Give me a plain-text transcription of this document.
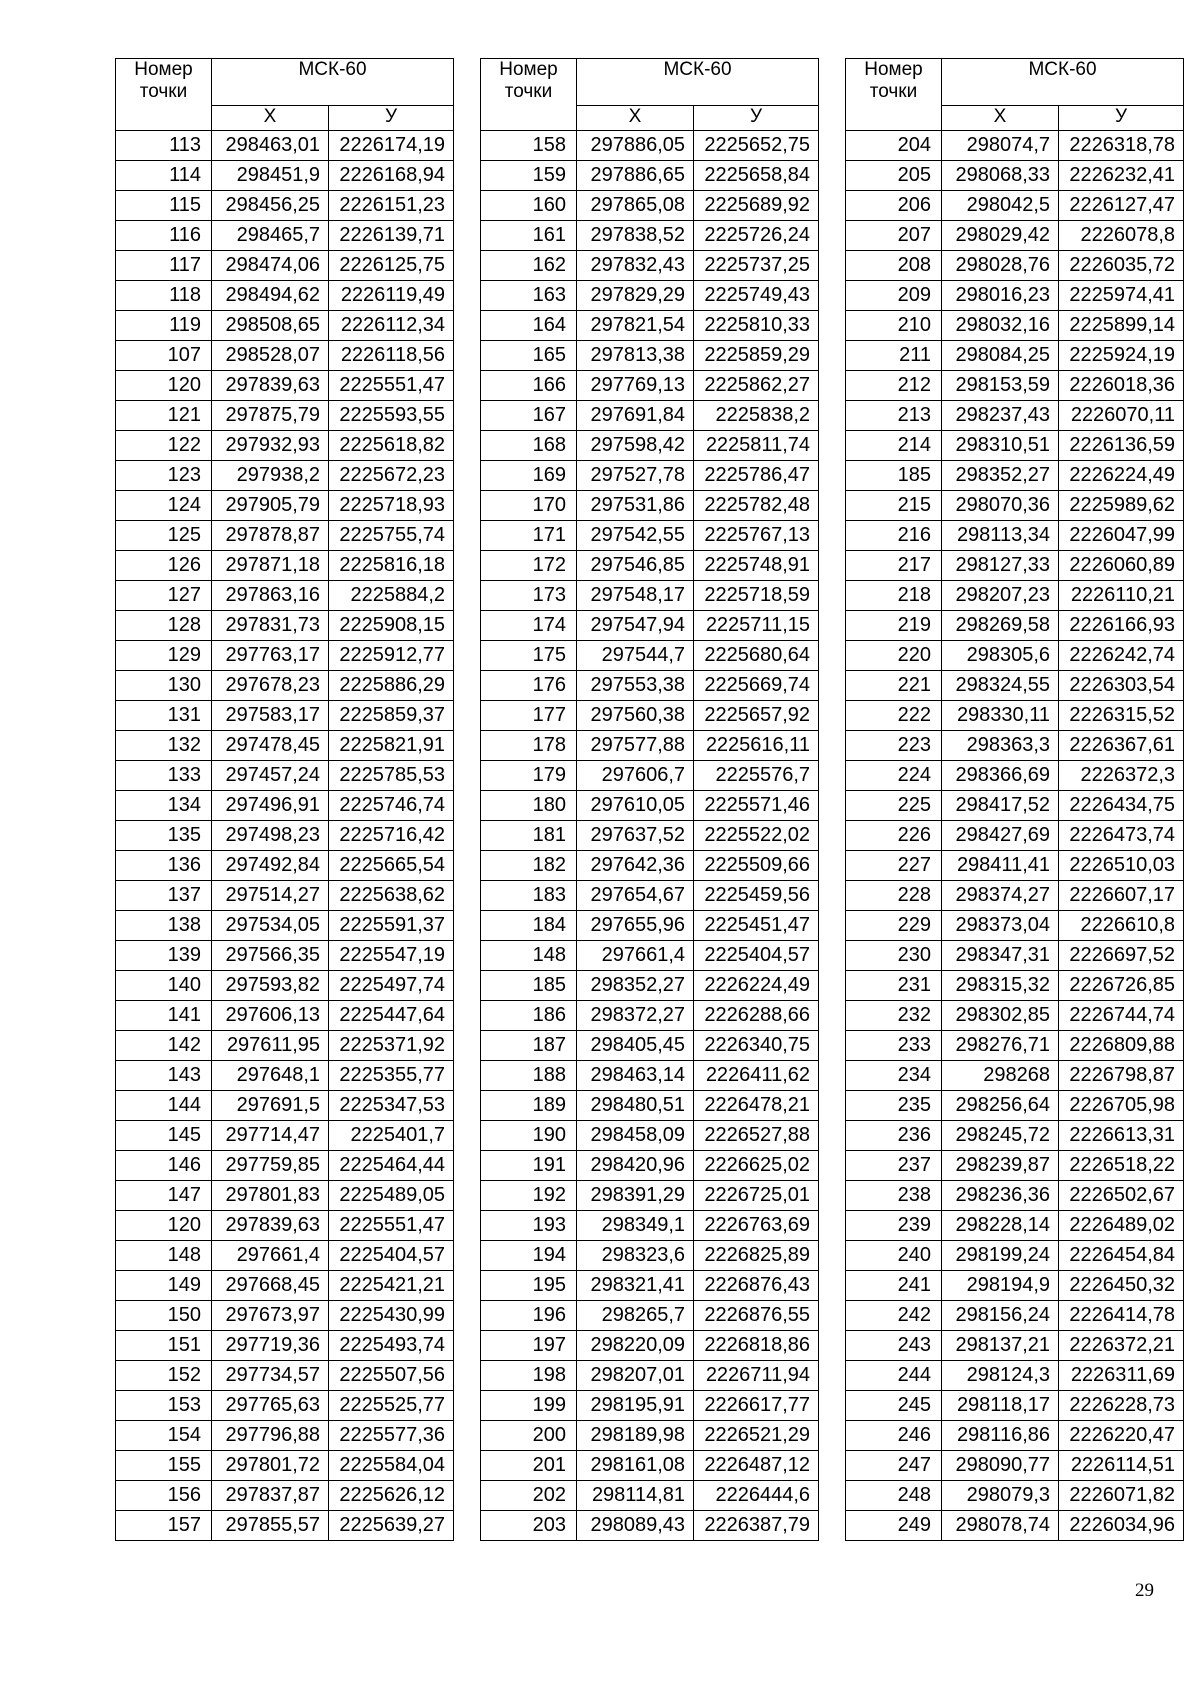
Номер
точки	МСК-60	
	Х	У
113	298463,01	2226174,19
114	298451,9	2226168,94
115	298456,25	2226151,23
116	298465,7	2226139,71
117	298474,06	2226125,75
118	298494,62	2226119,49
119	298508,65	2226112,34
107	298528,07	2226118,56
120	297839,63	2225551,47
121	297875,79	2225593,55
122	297932,93	2225618,82
123	297938,2	2225672,23
124	297905,79	2225718,93
125	297878,87	2225755,74
126	297871,18	2225816,18
127	297863,16	2225884,2
128	297831,73	2225908,15
129	297763,17	2225912,77
130	297678,23	2225886,29
131	297583,17	2225859,37
132	297478,45	2225821,91
133	297457,24	2225785,53
134	297496,91	2225746,74
135	297498,23	2225716,42
136	297492,84	2225665,54
137	297514,27	2225638,62
138	297534,05	2225591,37
139	297566,35	2225547,19
140	297593,82	2225497,74
141	297606,13	2225447,64
142	297611,95	2225371,92
143	297648,1	2225355,77
144	297691,5	2225347,53
145	297714,47	2225401,7
146	297759,85	2225464,44
147	297801,83	2225489,05
120	297839,63	2225551,47
148	297661,4	2225404,57
149	297668,45	2225421,21
150	297673,97	2225430,99
151	297719,36	2225493,74
152	297734,57	2225507,56
153	297765,63	2225525,77
154	297796,88	2225577,36
155	297801,72	2225584,04
156	297837,87	2225626,12
157	297855,57	2225639,27
Номер
точки	МСК-60	
	Х	У
158	297886,05	2225652,75
159	297886,65	2225658,84
160	297865,08	2225689,92
161	297838,52	2225726,24
162	297832,43	2225737,25
163	297829,29	2225749,43
164	297821,54	2225810,33
165	297813,38	2225859,29
166	297769,13	2225862,27
167	297691,84	2225838,2
168	297598,42	2225811,74
169	297527,78	2225786,47
170	297531,86	2225782,48
171	297542,55	2225767,13
172	297546,85	2225748,91
173	297548,17	2225718,59
174	297547,94	2225711,15
175	297544,7	2225680,64
176	297553,38	2225669,74
177	297560,38	2225657,92
178	297577,88	2225616,11
179	297606,7	2225576,7
180	297610,05	2225571,46
181	297637,52	2225522,02
182	297642,36	2225509,66
183	297654,67	2225459,56
184	297655,96	2225451,47
148	297661,4	2225404,57
185	298352,27	2226224,49
186	298372,27	2226288,66
187	298405,45	2226340,75
188	298463,14	2226411,62
189	298480,51	2226478,21
190	298458,09	2226527,88
191	298420,96	2226625,02
192	298391,29	2226725,01
193	298349,1	2226763,69
194	298323,6	2226825,89
195	298321,41	2226876,43
196	298265,7	2226876,55
197	298220,09	2226818,86
198	298207,01	2226711,94
199	298195,91	2226617,77
200	298189,98	2226521,29
201	298161,08	2226487,12
202	298114,81	2226444,6
203	298089,43	2226387,79
Номер
точки	МСК-60	
	Х	У
204	298074,7	2226318,78
205	298068,33	2226232,41
206	298042,5	2226127,47
207	298029,42	2226078,8
208	298028,76	2226035,72
209	298016,23	2225974,41
210	298032,16	2225899,14
211	298084,25	2225924,19
212	298153,59	2226018,36
213	298237,43	2226070,11
214	298310,51	2226136,59
185	298352,27	2226224,49
215	298070,36	2225989,62
216	298113,34	2226047,99
217	298127,33	2226060,89
218	298207,23	2226110,21
219	298269,58	2226166,93
220	298305,6	2226242,74
221	298324,55	2226303,54
222	298330,11	2226315,52
223	298363,3	2226367,61
224	298366,69	2226372,3
225	298417,52	2226434,75
226	298427,69	2226473,74
227	298411,41	2226510,03
228	298374,27	2226607,17
229	298373,04	2226610,8
230	298347,31	2226697,52
231	298315,32	2226726,85
232	298302,85	2226744,74
233	298276,71	2226809,88
234	298268	2226798,87
235	298256,64	2226705,98
236	298245,72	2226613,31
237	298239,87	2226518,22
238	298236,36	2226502,67
239	298228,14	2226489,02
240	298199,24	2226454,84
241	298194,9	2226450,32
242	298156,24	2226414,78
243	298137,21	2226372,21
244	298124,3	2226311,69
245	298118,17	2226228,73
246	298116,86	2226220,47
247	298090,77	2226114,51
248	298079,3	2226071,82
249	298078,74	2226034,96
29
